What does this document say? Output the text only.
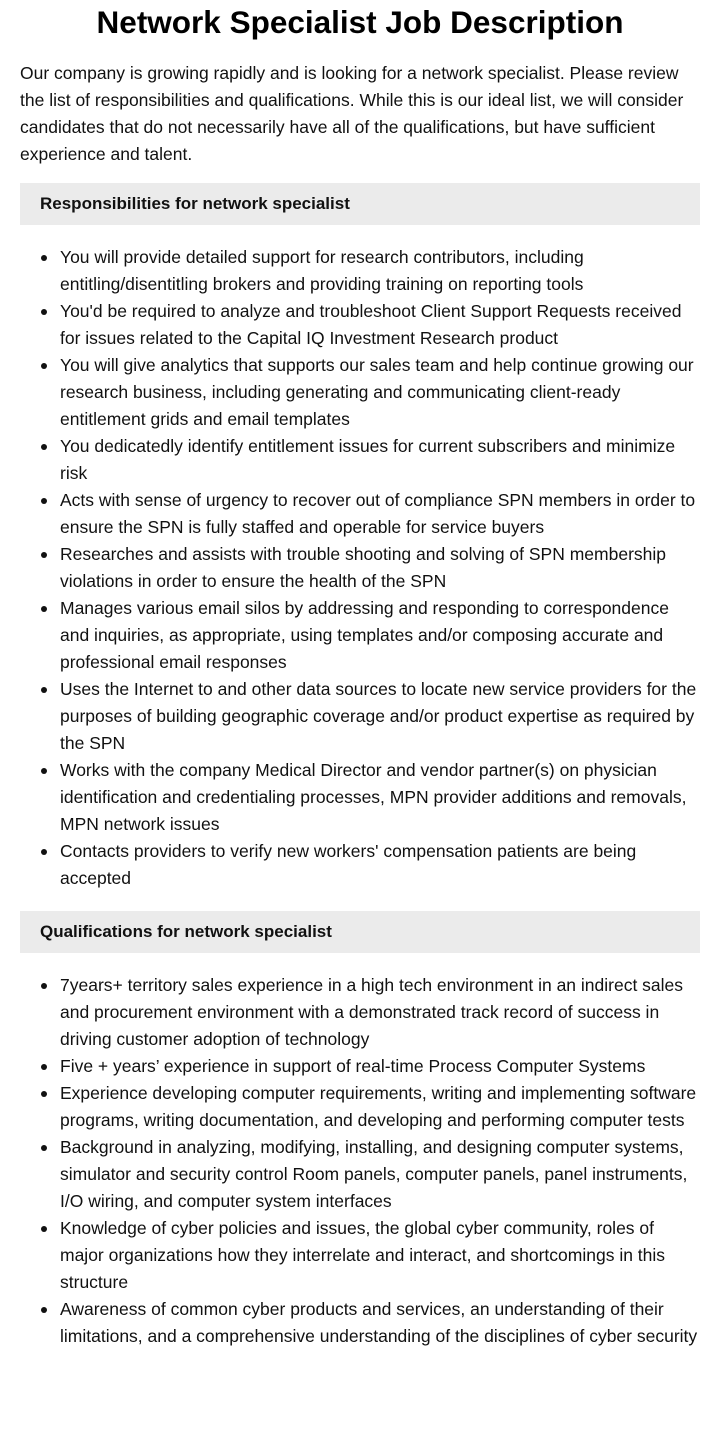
Network Specialist Job Description

Our company is growing rapidly and is looking for a network specialist. Please review the list of responsibilities and qualifications. While this is our ideal list, we will consider candidates that do not necessarily have all of the qualifications, but have sufficient experience and talent.

Responsibilities for network specialist
You will provide detailed support for research contributors, including entitling/disentitling brokers and providing training on reporting tools
You'd be required to analyze and troubleshoot Client Support Requests received for issues related to the Capital IQ Investment Research product
You will give analytics that supports our sales team and help continue growing our research business, including generating and communicating client-ready entitlement grids and email templates
You dedicatedly identify entitlement issues for current subscribers and minimize risk
Acts with sense of urgency to recover out of compliance SPN members in order to ensure the SPN is fully staffed and operable for service buyers
Researches and assists with trouble shooting and solving of SPN membership violations in order to ensure the health of the SPN
Manages various email silos by addressing and responding to correspondence and inquiries, as appropriate, using templates and/or composing accurate and professional email responses
Uses the Internet to and other data sources to locate new service providers for the purposes of building geographic coverage and/or product expertise as required by the SPN
Works with the company Medical Director and vendor partner(s) on physician identification and credentialing processes, MPN provider additions and removals, MPN network issues
Contacts providers to verify new workers' compensation patients are being accepted
Qualifications for network specialist
7years+ territory sales experience in a high tech environment in an indirect sales and procurement environment with a demonstrated track record of success in driving customer adoption of technology
Five + years’ experience in support of real-time Process Computer Systems
Experience developing computer requirements, writing and implementing software programs, writing documentation, and developing and performing computer tests
Background in analyzing, modifying, installing, and designing computer systems, simulator and security control Room panels, computer panels, panel instruments, I/O wiring, and computer system interfaces
Knowledge of cyber policies and issues, the global cyber community, roles of major organizations how they interrelate and interact, and shortcomings in this structure
Awareness of common cyber products and services, an understanding of their limitations, and a comprehensive understanding of the disciplines of cyber security
